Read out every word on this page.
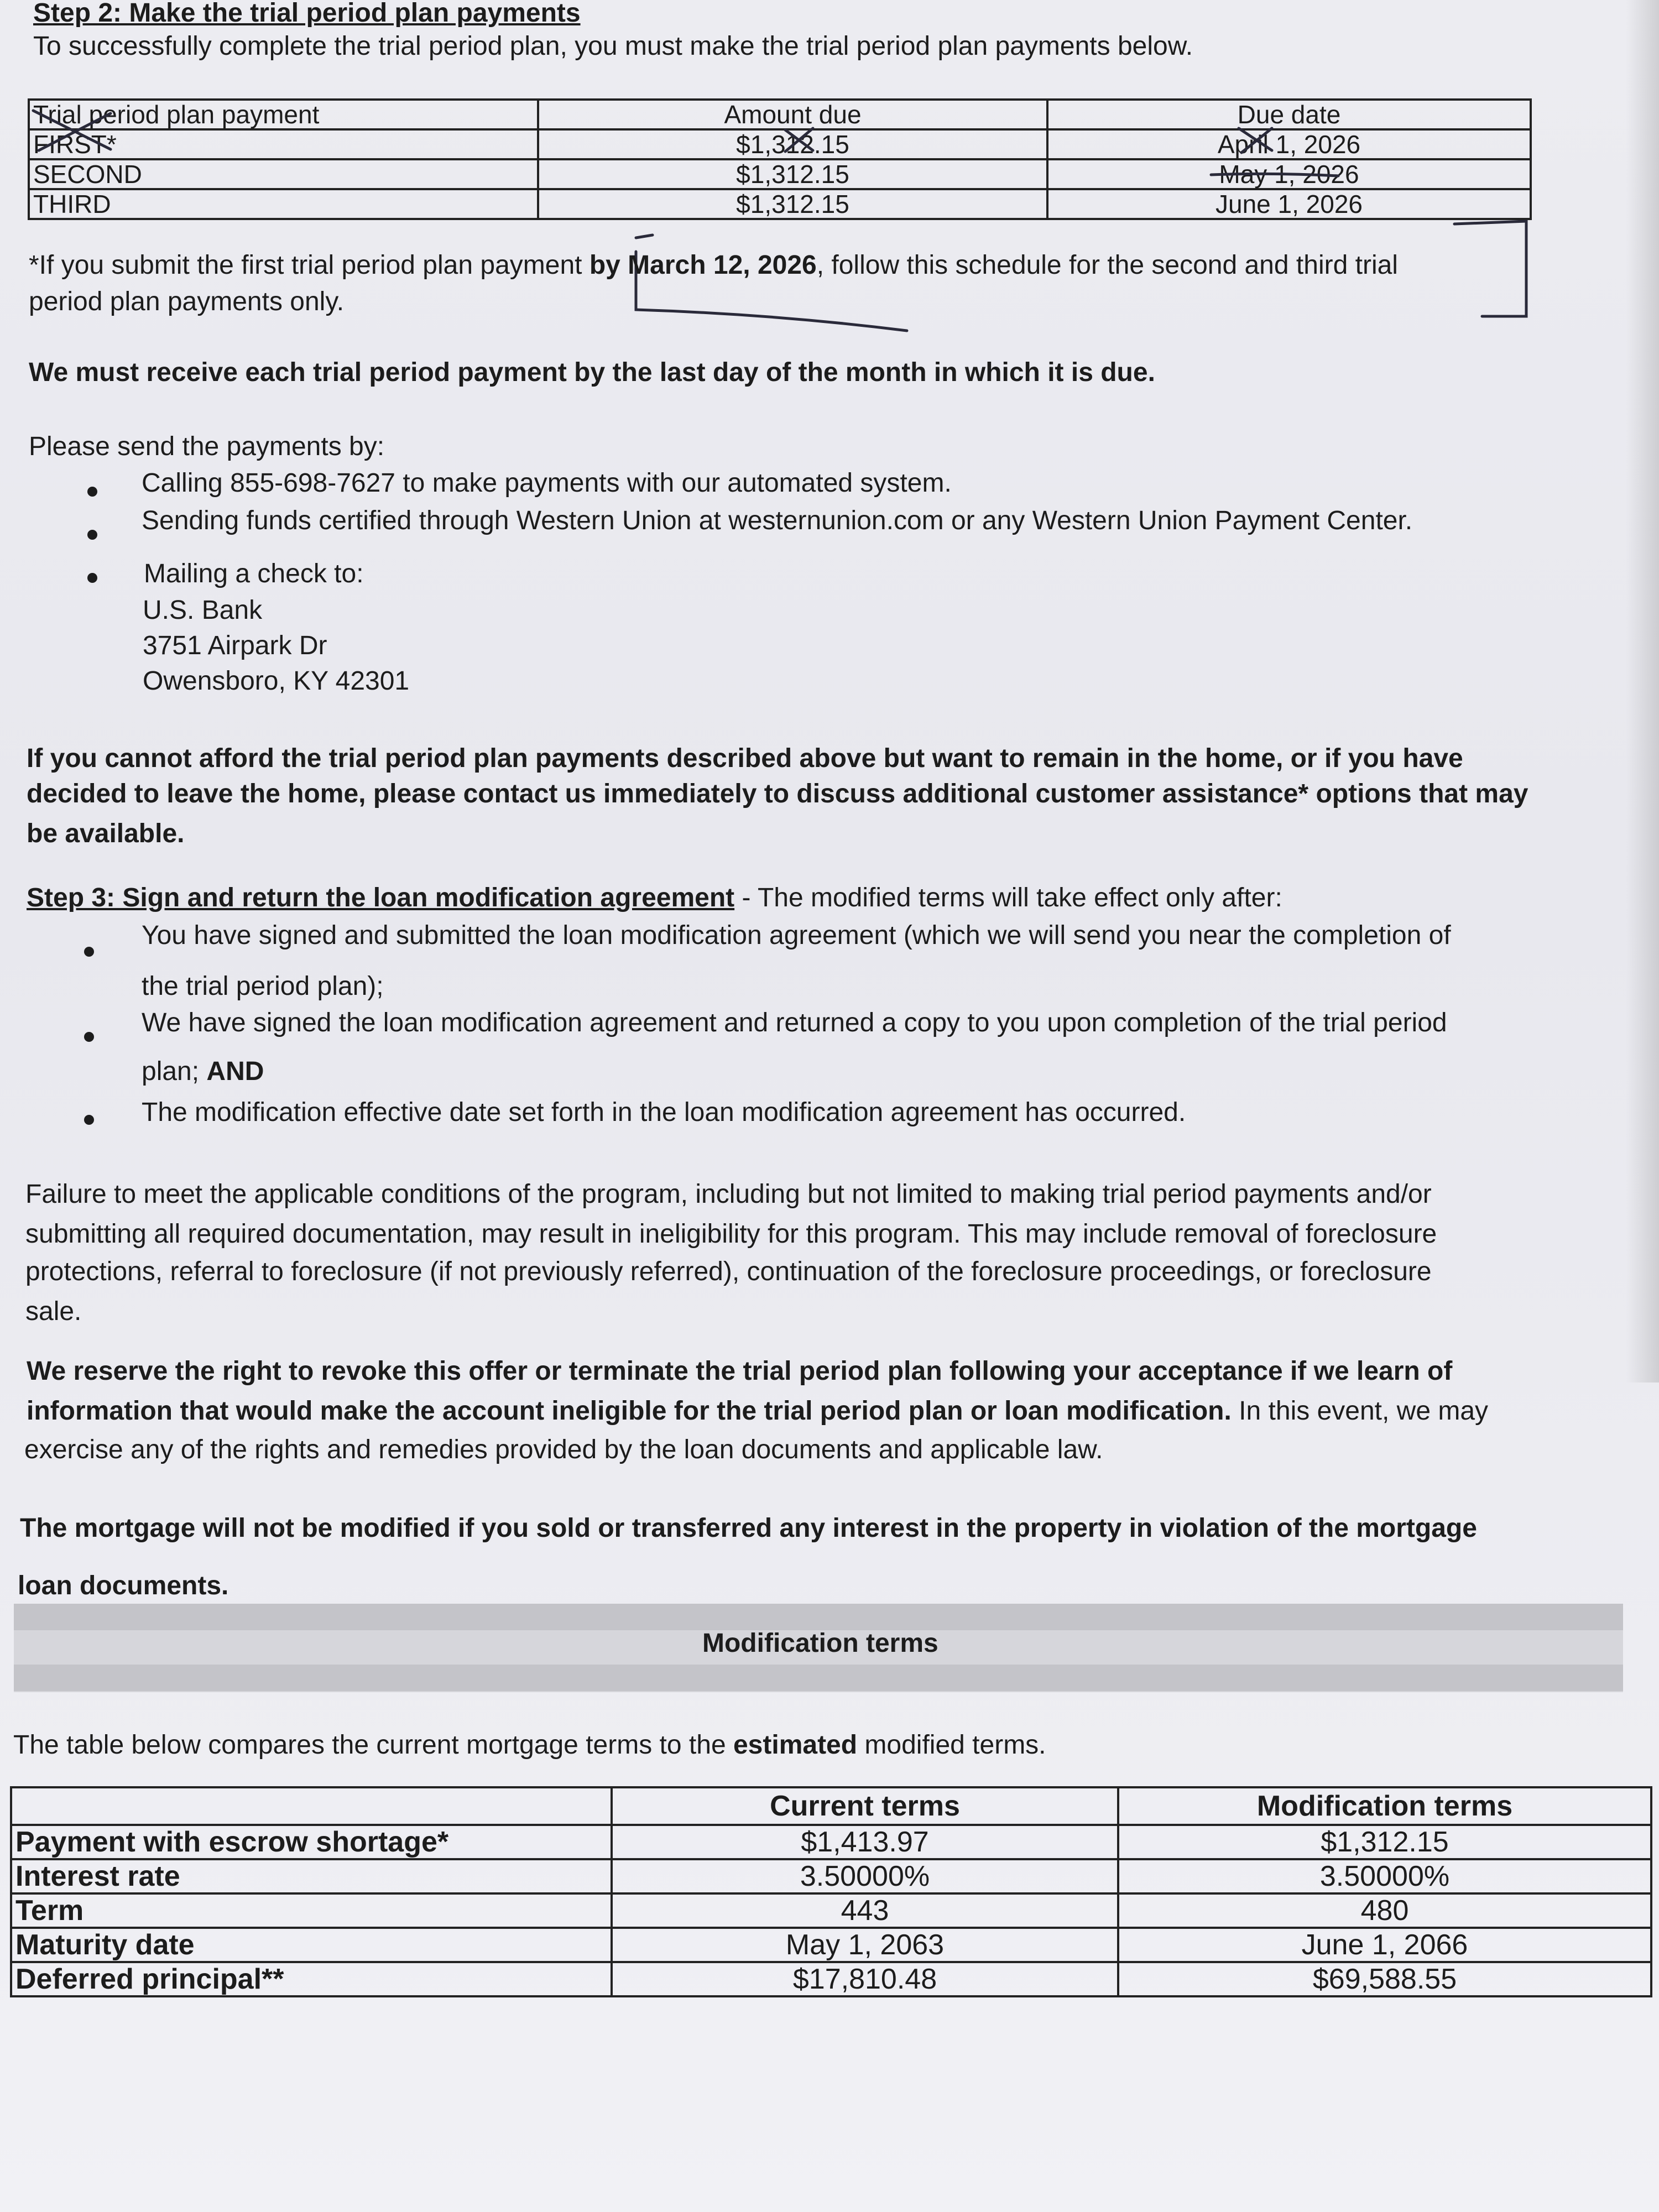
Step 2: Make the trial period plan payments
To successfully complete the trial period plan, you must make the trial period plan payments below.
Trial period plan payment	Amount due	Due date
FIRST*	$1,312.15	April 1, 2026
SECOND	$1,312.15	May 1, 2026
THIRD	$1,312.15	June 1, 2026
*If you submit the first trial period plan payment by March 12, 2026, follow this schedule for the second and third trial
period plan payments only.
We must receive each trial period payment by the last day of the month in which it is due.
Please send the payments by:
Calling 855-698-7627 to make payments with our automated system.
Sending funds certified through Western Union at westernunion.com or any Western Union Payment Center.
Mailing a check to:
U.S. Bank
3751 Airpark Dr
Owensboro, KY 42301
If you cannot afford the trial period plan payments described above but want to remain in the home, or if you have
decided to leave the home, please contact us immediately to discuss additional customer assistance* options that may
be available.
Step 3: Sign and return the loan modification agreement - The modified terms will take effect only after:
You have signed and submitted the loan modification agreement (which we will send you near the completion of
the trial period plan);
We have signed the loan modification agreement and returned a copy to you upon completion of the trial period
plan; AND
The modification effective date set forth in the loan modification agreement has occurred.
Failure to meet the applicable conditions of the program, including but not limited to making trial period payments and/or
submitting all required documentation, may result in ineligibility for this program. This may include removal of foreclosure
protections, referral to foreclosure (if not previously referred), continuation of the foreclosure proceedings, or foreclosure
sale.
We reserve the right to revoke this offer or terminate the trial period plan following your acceptance if we learn of
information that would make the account ineligible for the trial period plan or loan modification. In this event, we may
exercise any of the rights and remedies provided by the loan documents and applicable law.
The mortgage will not be modified if you sold or transferred any interest in the property in violation of the mortgage
loan documents.
Modification terms
The table below compares the current mortgage terms to the estimated modified terms.
	Current terms	Modification terms
Payment with escrow shortage*	$1,413.97	$1,312.15
Interest rate	3.50000%	3.50000%
Term	443	480
Maturity date	May 1, 2063	June 1, 2066
Deferred principal**	$17,810.48	$69,588.55
